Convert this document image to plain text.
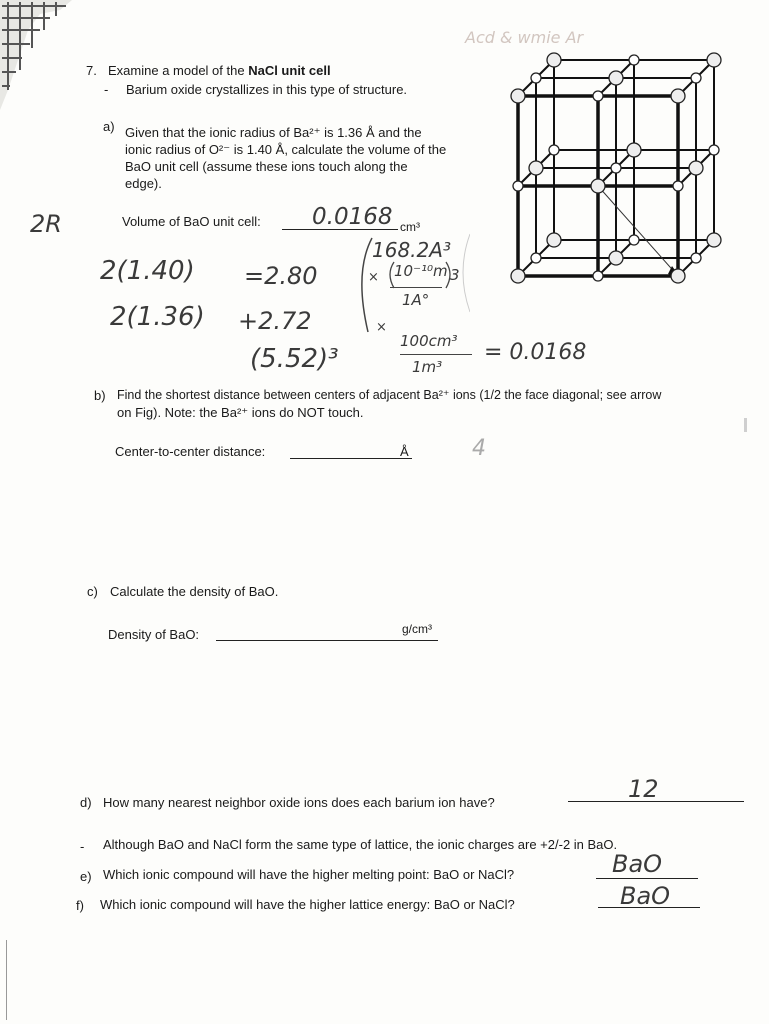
Acd & wmie Ar
7. Examine a model of the NaCl unit cell
- Barium oxide crystallizes in this type of structure.
a) Given that the ionic radius of Ba²⁺ is 1.36 Å and the
ionic radius of O²⁻ is 1.40 Å, calculate the volume of the
BaO unit cell (assume these ions touch along the
edge).
Volume of BaO unit cell: 0.0168 cm³
2R
2(1.40) =2.80
2(1.36) +2.72
(5.52)³
168.2A³
× 10⁻¹⁰m
1A°
3
×
100cm³
1m³
= 0.0168
b) Find the shortest distance between centers of adjacent Ba²⁺ ions (1/2 the face diagonal; see arrow
on Fig). Note: the Ba²⁺ ions do NOT touch.
Center-to-center distance:	Å	4
c) Calculate the density of BaO.
Density of BaO:	g/cm³
d) How many nearest neighbor oxide ions does each barium ion have?	12
- Although BaO and NaCl form the same type of lattice, the ionic charges are +2/-2 in BaO.
e) Which ionic compound will have the higher melting point: BaO or NaCl?	BaO
f) Which ionic compound will have the higher lattice energy: BaO or NaCl?	BaO
